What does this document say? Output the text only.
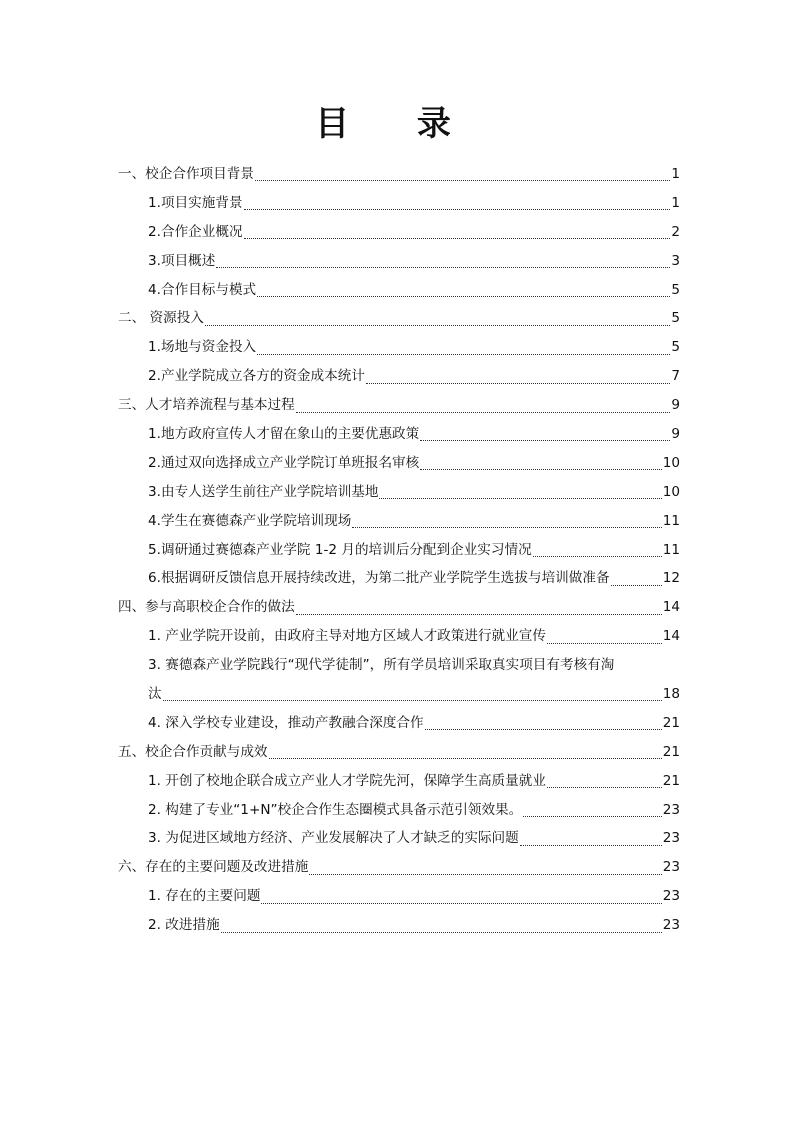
目 录
一、校企合作项目背景	1
1.项目实施背景	1
2.合作企业概况	2
3.项目概述	3
4.合作目标与模式	5
二、 资源投入	5
1.场地与资金投入	5
2.产业学院成立各方的资金成本统计	7
三、人才培养流程与基本过程	9
1.地方政府宣传人才留在象山的主要优惠政策	9
2.通过双向选择成立产业学院订单班报名审核	10
3.由专人送学生前往产业学院培训基地	10
4.学生在赛德森产业学院培训现场	11
5.调研通过赛德森产业学院 1-2 月的培训后分配到企业实习情况	11
6.根据调研反馈信息开展持续改进，为第二批产业学院学生选拔与培训做准备	12
四、参与高职校企合作的做法	14
1. 产业学院开设前，由政府主导对地方区域人才政策进行就业宣传	14
3. 赛德森产业学院践行“现代学徒制”，所有学员培训采取真实项目有考核有淘
汰	18
4. 深入学校专业建设，推动产教融合深度合作	21
五、校企合作贡献与成效	21
1. 开创了校地企联合成立产业人才学院先河，保障学生高质量就业	21
2. 构建了专业“1+N”校企合作生态圈模式具备示范引领效果。	23
3. 为促进区域地方经济、产业发展解决了人才缺乏的实际问题	23
六、存在的主要问题及改进措施	23
1. 存在的主要问题	23
2. 改进措施	23
